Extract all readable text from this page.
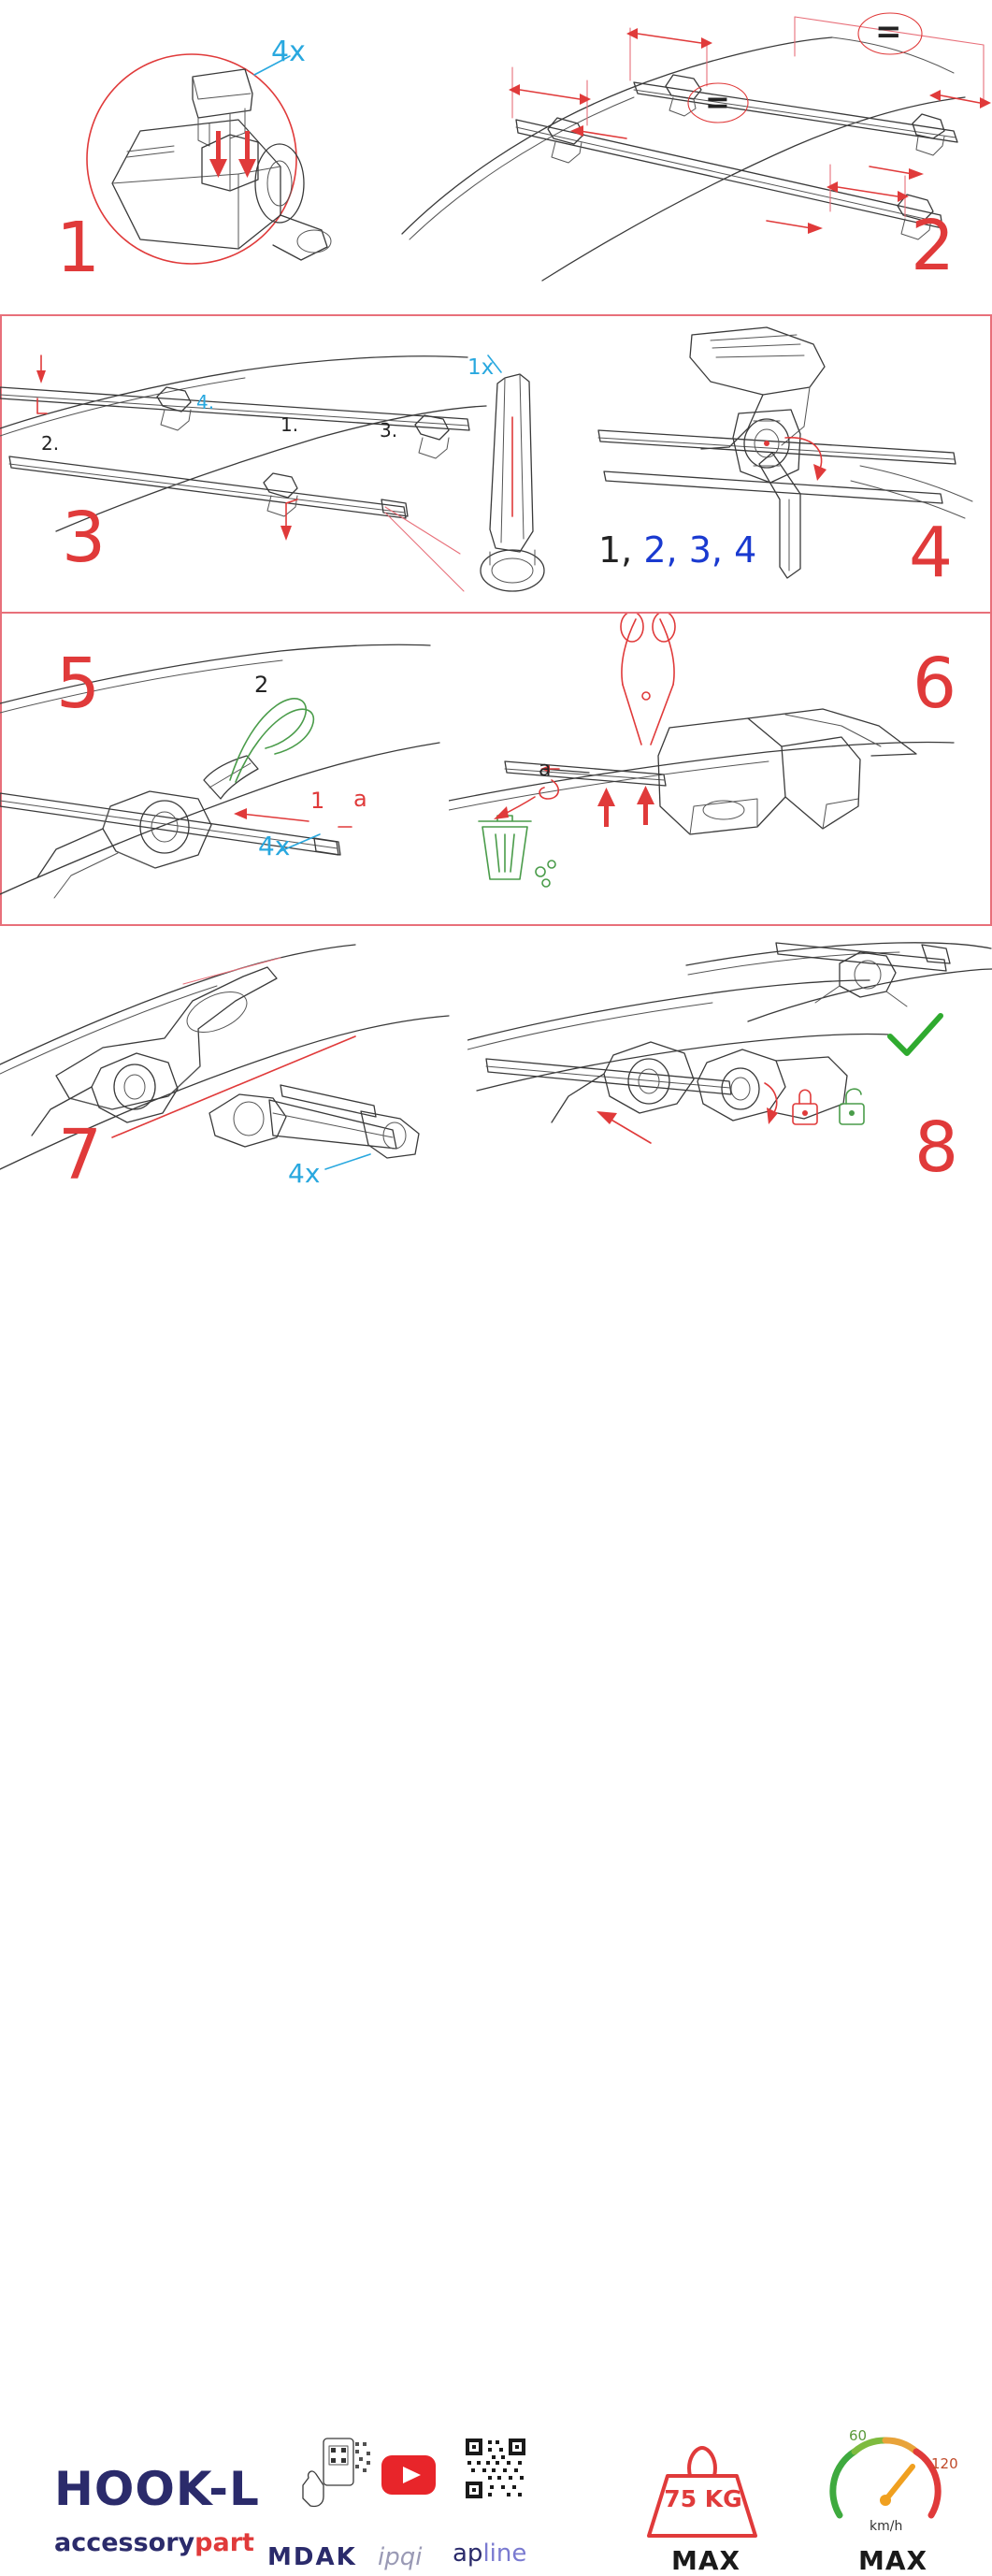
4x
1
=
=
2
1x
1.
2.
3.
4.
3	1, 2, 3, 4 4
1
2
a
4x
5
a
6
4x
7	8
HOOK-L
accessorypart MDAK ipqi apline
75 KG
MAX
60
120
km/h
MAX
